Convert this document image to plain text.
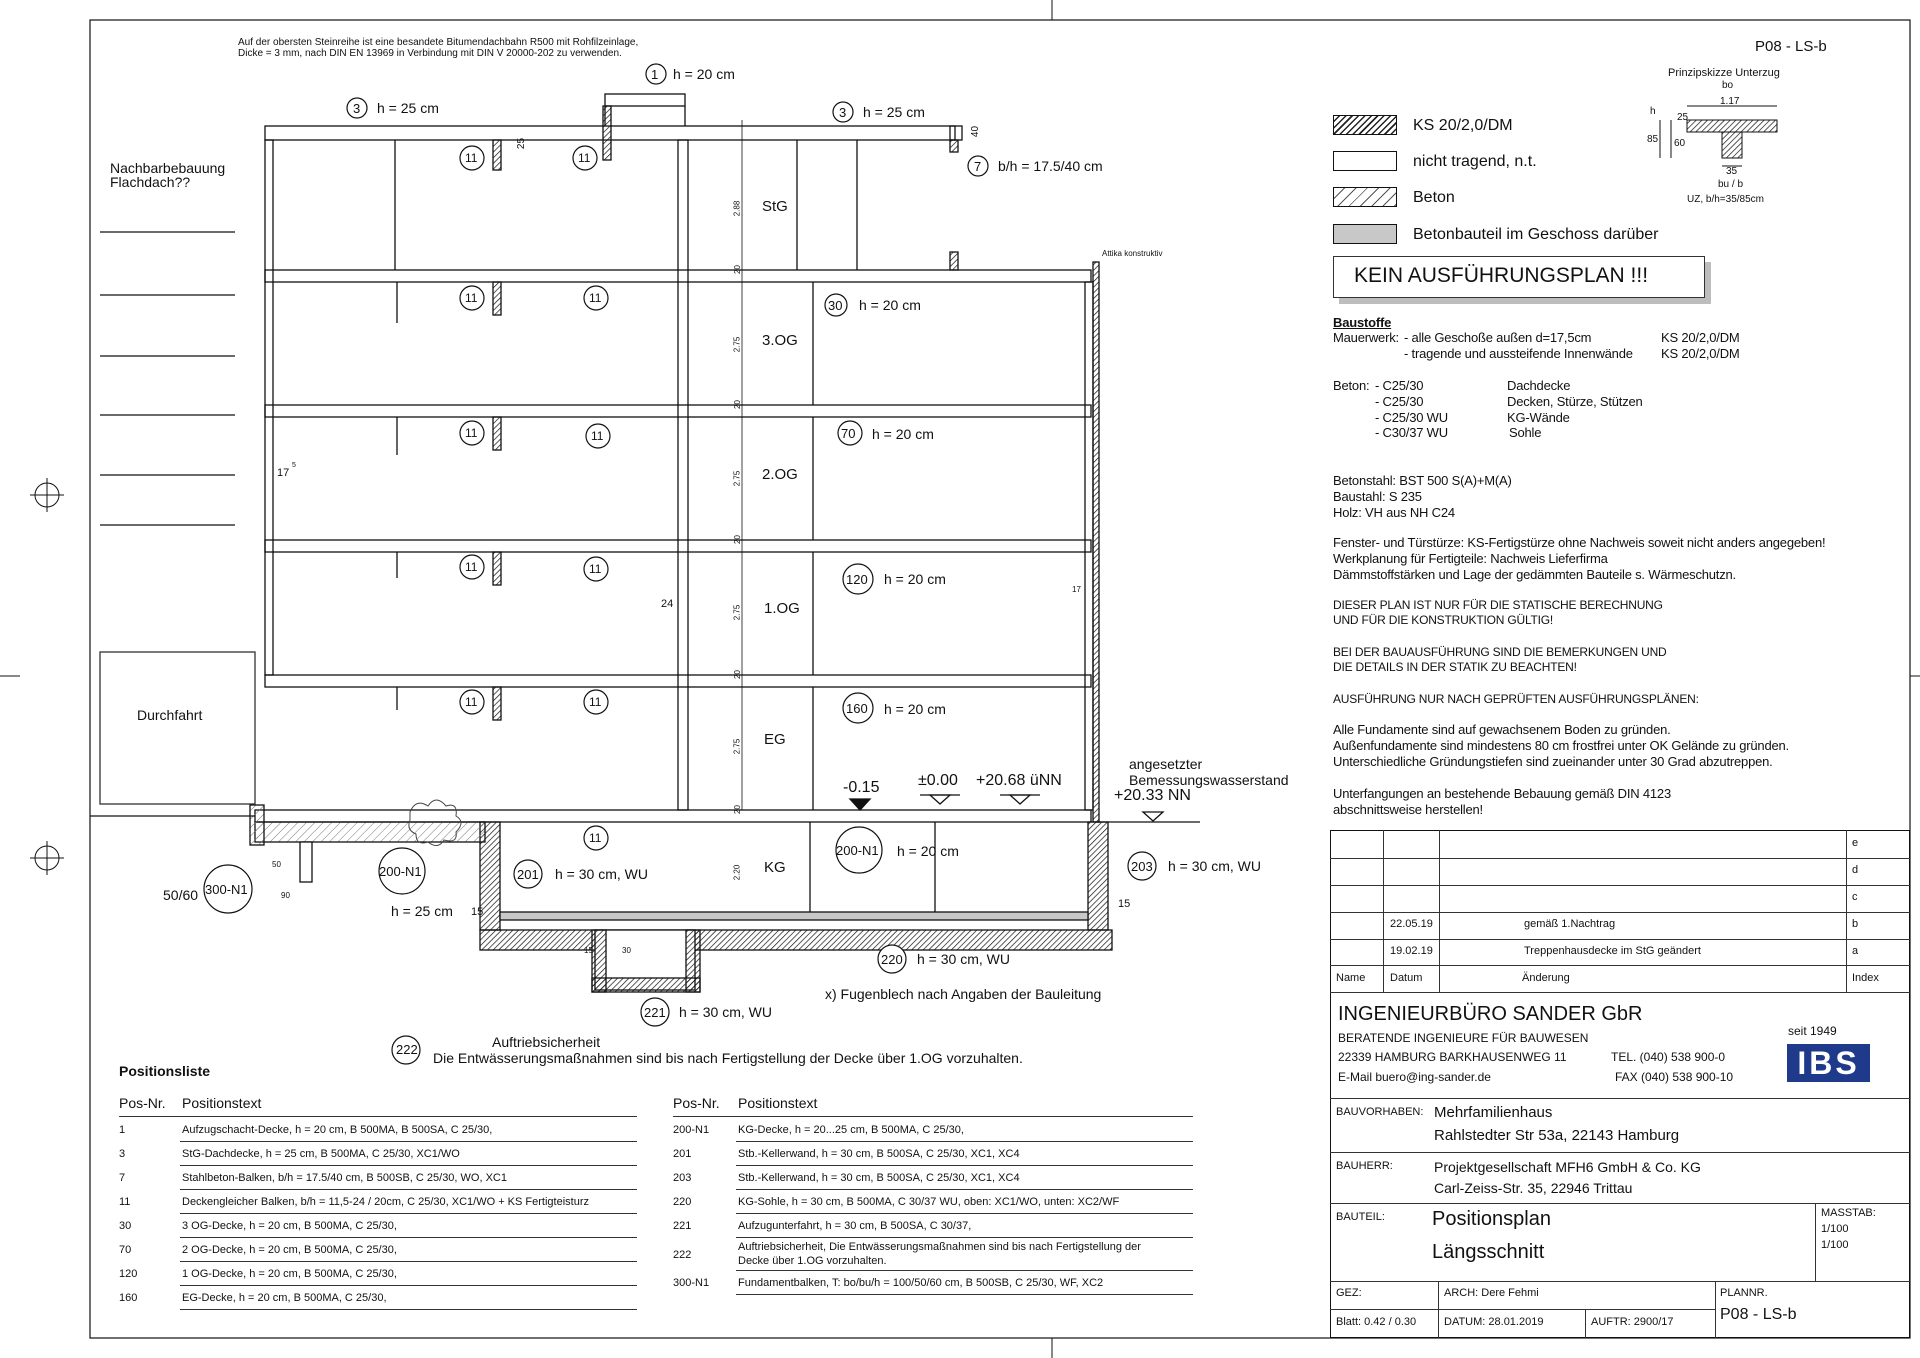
Auf der obersten Steinreihe ist eine besandete Bitumendachbahn R500 mit Rohfilzeinlage,
Dicke = 3 mm, nach DIN EN 13969 in Verbindung mit DIN V 20000-202 zu verwenden.	P08 - LS-b
1 h = 20 cm
3 h = 25 cm	3 h = 25 cm
7 b/h = 17.5/40 cm
11	11
11	11
11	11
11	11
11	11
11
30 h = 20 cm
70 h = 20 cm
120 h = 20 cm
160 h = 20 cm
200-N1 h = 20 cm
200-N1
h = 25 cm
201 h = 30 cm, WU	203 h = 30 cm, WU
220 h = 30 cm, WU
221 h = 30 cm, WU
300-N1
50/60
StG
3.OG
2.OG
1.OG
EG
KG
Nachbarbebauung
Flachdach??
Durchfahrt
Attika konstruktiv
-0.15 ±0.00 +20.68 üNN
angesetzter
Bemessungswasserstand
+20.33 NN
25
40
17
5
24
17
2.88
2.75
2.75
2.75
2.75
2.20
20
20
20
20
20
15
15
15	30
50
90
x) Fugenblech nach Angaben der Bauleitung
222	Auftriebsicherheit
Die Entwässerungsmaßnahmen sind bis nach Fertigstellung der Decke über 1.OG vorzuhalten.
Prinzipskizze Unterzug
bo
1.17
25
60
85
h
35
bu / b
UZ, b/h=35/85cm
KS 20/2,0/DM
nicht tragend, n.t.
Beton
Betonbauteil im Geschoss darüber
KEIN AUSFÜHRUNGSPLAN !!!
Baustoffe
Mauerwerk: - alle Geschoße außen d=17,5cm	KS 20/2,0/DM
- tragende und aussteifende Innenwände KS 20/2,0/DM
Beton: - C25/30	Dachdecke
- C25/30	Decken, Stürze, Stützen
- C25/30 WU	KG-Wände
- C30/37 WU	Sohle
Betonstahl: BST 500 S(A)+M(A)
Baustahl: S 235
Holz: VH aus NH C24
Fenster- und Türstürze: KS-Fertigstürze ohne Nachweis soweit nicht anders angegeben!
Werkplanung für Fertigteile: Nachweis Lieferfirma
Dämmstoffstärken und Lage der gedämmten Bauteile s. Wärmeschutzn.
DIESER PLAN IST NUR FÜR DIE STATISCHE BERECHNUNG
UND FÜR DIE KONSTRUKTION GÜLTIG!
BEI DER BAUAUSFÜHRUNG SIND DIE BEMERKUNGEN UND
DIE DETAILS IN DER STATIK ZU BEACHTEN!
AUSFÜHRUNG NUR NACH GEPRÜFTEN AUSFÜHRUNGSPLÄNEN:
Alle Fundamente sind auf gewachsenem Boden zu gründen.
Außenfundamente sind mindestens 80 cm frostfrei unter OK Gelände zu gründen.
Unterschiedliche Gründungstiefen sind zueinander unter 30 Grad abzutreppen.
Unterfangungen an bestehende Bebauung gemäß DIN 4123
abschnittsweise herstellen!
Positionsliste
Pos-Nr. Positionstext	Pos-Nr. Positionstext
1	Aufzugschacht-Decke, h = 20 cm, B 500MA, B 500SA, C 25/30,
3	StG-Dachdecke, h = 25 cm, B 500MA, C 25/30, XC1/WO
7	Stahlbeton-Balken, b/h = 17.5/40 cm, B 500SB, C 25/30, WO, XC1
11	Deckengleicher Balken, b/h = 11,5-24 / 20cm, C 25/30, XC1/WO + KS Fertigteisturz
30	3 OG-Decke, h = 20 cm, B 500MA, C 25/30,
70	2 OG-Decke, h = 20 cm, B 500MA, C 25/30,
120	1 OG-Decke, h = 20 cm, B 500MA, C 25/30,
160	EG-Decke, h = 20 cm, B 500MA, C 25/30,
200-N1	KG-Decke, h = 20...25 cm, B 500MA, C 25/30,
201	Stb.-Kellerwand, h = 30 cm, B 500SA, C 25/30, XC1, XC4
203	Stb.-Kellerwand, h = 30 cm, B 500SA, C 25/30, XC1, XC4
220	KG-Sohle, h = 30 cm, B 500MA, C 30/37 WU, oben: XC1/WO, unten: XC2/WF
221	Aufzugunterfahrt, h = 30 cm, B 500SA, C 30/37,
222
Auftriebsicherheit, Die Entwässerungsmaßnahmen sind bis nach Fertigstellung der
Decke über 1.OG vorzuhalten.
300-N1	Fundamentbalken, T: bo/bu/h = 100/50/60 cm, B 500SB, C 25/30, WF, XC2
e
d
c
22.05.19	gemäß 1.Nachtrag	b
19.02.19	Treppenhausdecke im StG geändert	a
Name Datum	Änderung	Index
INGENIEURBÜRO SANDER GbR
BERATENDE INGENIEURE FÜR BAUWESEN
22339 HAMBURG BARKHAUSENWEG 11	TEL. (040) 538 900-0
E-Mail buero@ing-sander.de	FAX (040) 538 900-10
seit 1949
IBS
BAUVORHABEN: Mehrfamilienhaus
Rahlstedter Str 53a, 22143 Hamburg
BAUHERR:	Projektgesellschaft MFH6 GmbH & Co. KG
Carl-Zeiss-Str. 35, 22946 Trittau
BAUTEIL: Positionsplan
Längsschnitt
MASSTAB:
1/100
1/100
GEZ:	ARCH: Dere Fehmi	PLANNR.
P08 - LS-b
Blatt: 0.42 / 0.30	DATUM: 28.01.2019	AUFTR: 2900/17
